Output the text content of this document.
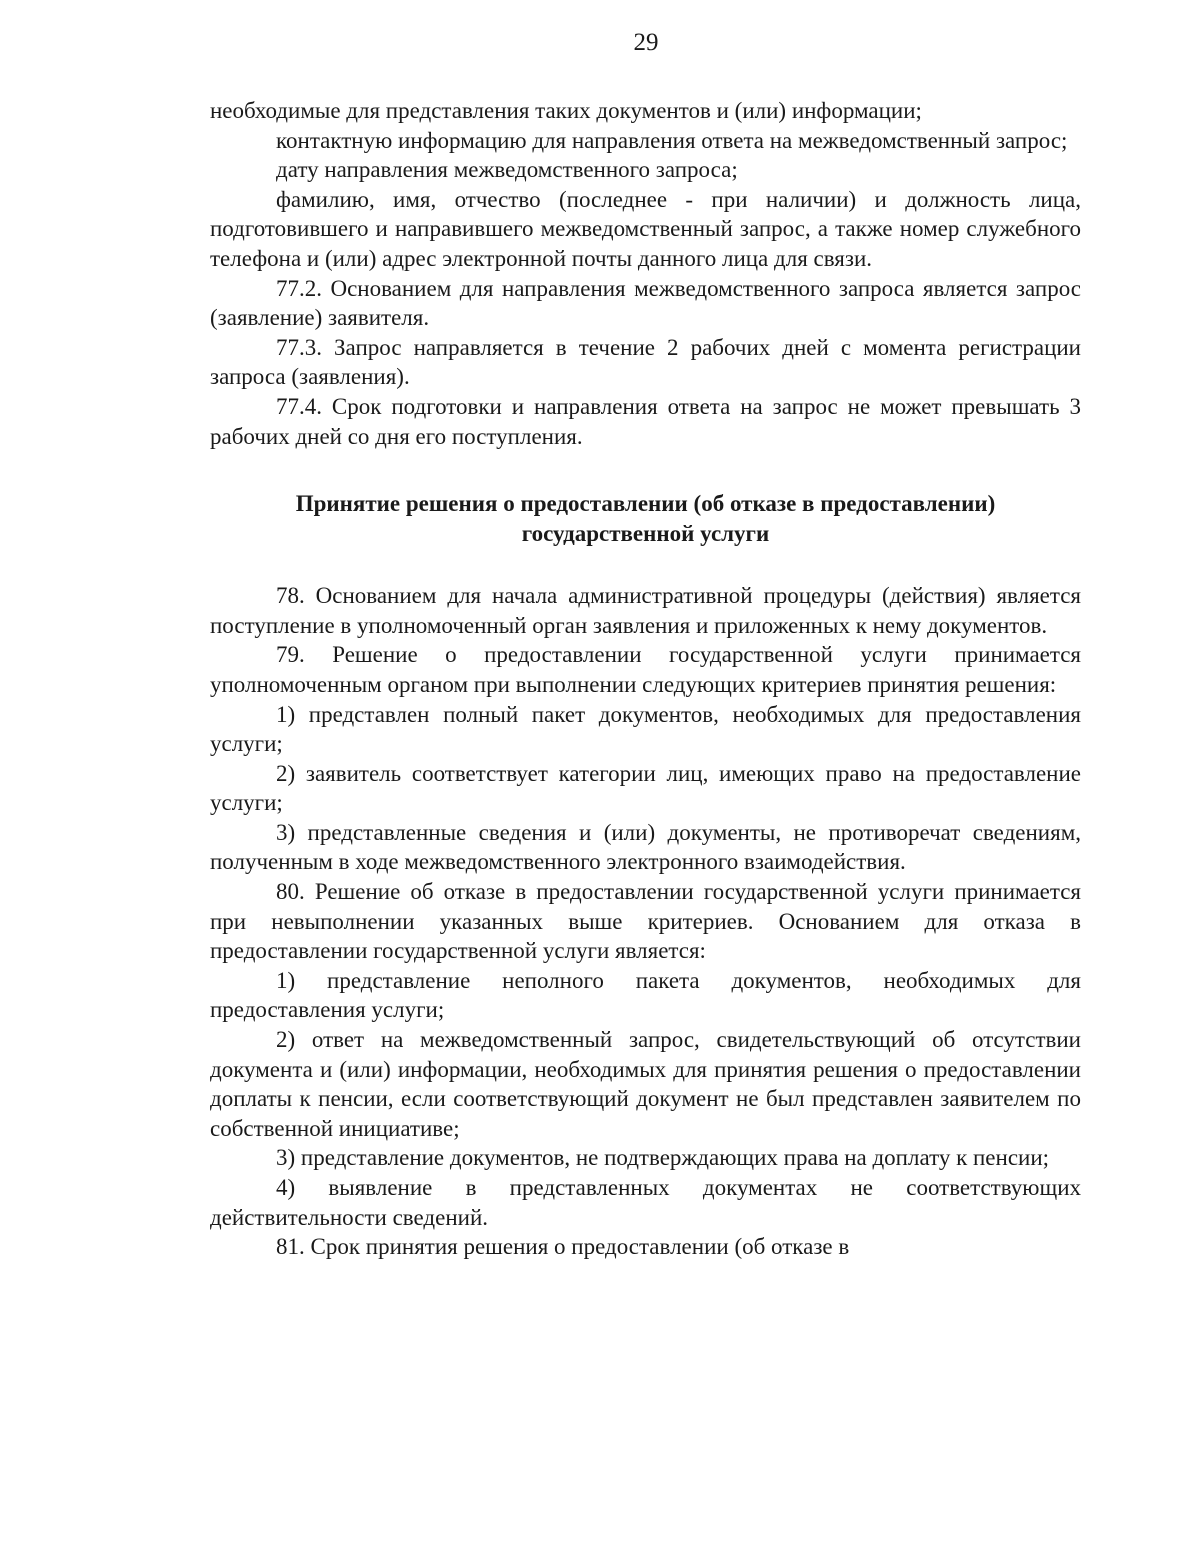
29

необходимые для представления таких документов и (или) информации;

контактную информацию для направления ответа на межведомственный запрос;

дату направления межведомственного запроса;

фамилию, имя, отчество (последнее - при наличии) и должность лица, подготовившего и направившего межведомственный запрос, а также номер служебного телефона и (или) адрес электронной почты данного лица для связи.

77.2. Основанием для направления межведомственного запроса является запрос (заявление) заявителя.

77.3. Запрос направляется в течение 2 рабочих дней с момента регистрации запроса (заявления).

77.4. Срок подготовки и направления ответа на запрос не может превышать 3 рабочих дней со дня его поступления.

Принятие решения о предоставлении (об отказе в предоставлении)
государственной услуги

78. Основанием для начала административной процедуры (действия) является поступление в уполномоченный орган заявления и приложенных к нему документов.

79. Решение о предоставлении государственной услуги принимается уполномоченным органом при выполнении следующих критериев принятия решения:

1) представлен полный пакет документов, необходимых для предоставления услуги;

2) заявитель соответствует категории лиц, имеющих право на предоставление услуги;

3) представленные сведения и (или) документы, не противоречат сведениям, полученным в ходе межведомственного электронного взаимодействия.

80. Решение об отказе в предоставлении государственной услуги принимается при невыполнении указанных выше критериев. Основанием для отказа в предоставлении государственной услуги является:

1) представление неполного пакета документов, необходимых для предоставления услуги;

2) ответ на межведомственный запрос, свидетельствующий об отсутствии документа и (или) информации, необходимых для принятия решения о предоставлении доплаты к пенсии, если соответствующий документ не был представлен заявителем по собственной инициативе;

3) представление документов, не подтверждающих права на доплату к пенсии;

4) выявление в представленных документах не соответствующих действительности сведений.

81. Срок принятия решения о предоставлении (об отказе в
